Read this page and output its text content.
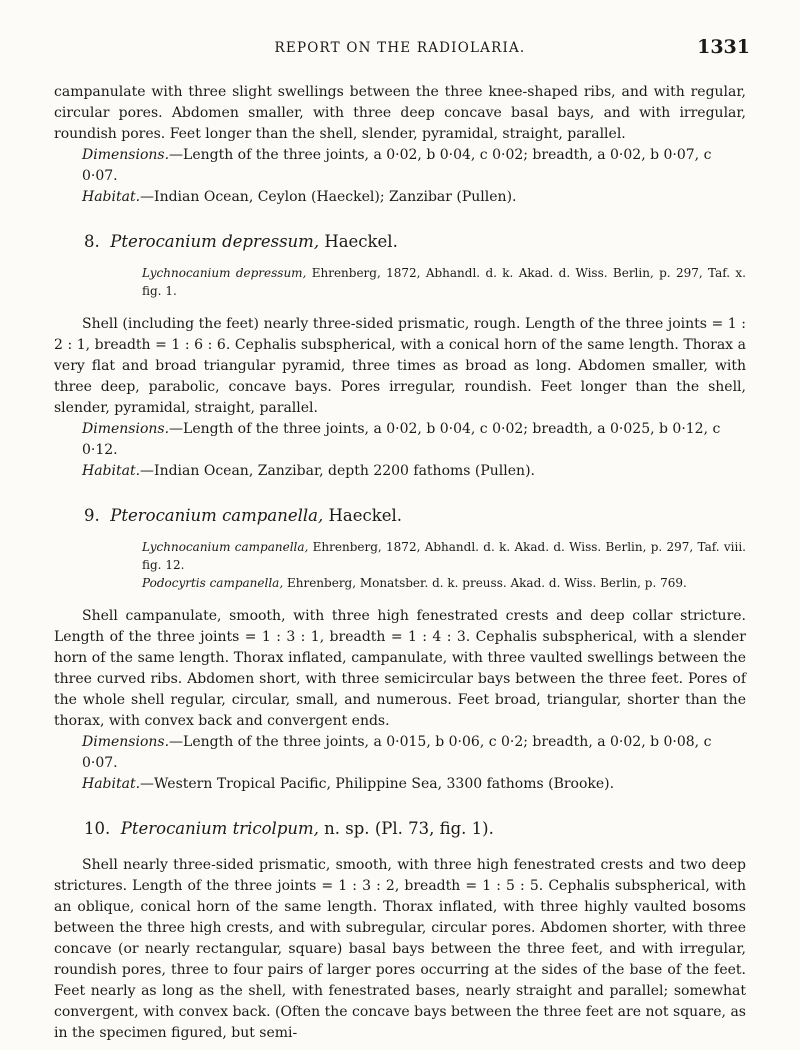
REPORT ON THE RADIOLARIA.	1331

campanulate with three slight swellings between the three knee-shaped ribs, and with regular, circular pores. Abdomen smaller, with three deep concave basal bays, and with irregular, roundish pores. Feet longer than the shell, slender, pyramidal, straight, parallel.

Dimensions.—Length of the three joints, a 0·02, b 0·04, c 0·02; breadth, a 0·02, b 0·07, c 0·07.

Habitat.—Indian Ocean, Ceylon (Haeckel); Zanzibar (Pullen).

8. Pterocanium depressum, Haeckel.

Lychnocanium depressum, Ehrenberg, 1872, Abhandl. d. k. Akad. d. Wiss. Berlin, p. 297, Taf. x. fig. 1.

Shell (including the feet) nearly three-sided prismatic, rough. Length of the three joints = 1 : 2 : 1, breadth = 1 : 6 : 6. Cephalis subspherical, with a conical horn of the same length. Thorax a very flat and broad triangular pyramid, three times as broad as long. Abdomen smaller, with three deep, parabolic, concave bays. Pores irregular, roundish. Feet longer than the shell, slender, pyramidal, straight, parallel.

Dimensions.—Length of the three joints, a 0·02, b 0·04, c 0·02; breadth, a 0·025, b 0·12, c 0·12.

Habitat.—Indian Ocean, Zanzibar, depth 2200 fathoms (Pullen).

9. Pterocanium campanella, Haeckel.

Lychnocanium campanella, Ehrenberg, 1872, Abhandl. d. k. Akad. d. Wiss. Berlin, p. 297, Taf. viii. fig. 12.

Podocyrtis campanella, Ehrenberg, Monatsber. d. k. preuss. Akad. d. Wiss. Berlin, p. 769.

Shell campanulate, smooth, with three high fenestrated crests and deep collar stricture. Length of the three joints = 1 : 3 : 1, breadth = 1 : 4 : 3. Cephalis subspherical, with a slender horn of the same length. Thorax inflated, campanulate, with three vaulted swellings between the three curved ribs. Abdomen short, with three semicircular bays between the three feet. Pores of the whole shell regular, circular, small, and numerous. Feet broad, triangular, shorter than the thorax, with convex back and convergent ends.

Dimensions.—Length of the three joints, a 0·015, b 0·06, c 0·2; breadth, a 0·02, b 0·08, c 0·07.

Habitat.—Western Tropical Pacific, Philippine Sea, 3300 fathoms (Brooke).

10. Pterocanium tricolpum, n. sp. (Pl. 73, fig. 1).

Shell nearly three-sided prismatic, smooth, with three high fenestrated crests and two deep strictures. Length of the three joints = 1 : 3 : 2, breadth = 1 : 5 : 5. Cephalis subspherical, with an oblique, conical horn of the same length. Thorax inflated, with three highly vaulted bosoms between the three high crests, and with subregular, circular pores. Abdomen shorter, with three concave (or nearly rectangular, square) basal bays between the three feet, and with irregular, roundish pores, three to four pairs of larger pores occurring at the sides of the base of the feet. Feet nearly as long as the shell, with fenestrated bases, nearly straight and parallel; somewhat convergent, with convex back. (Often the concave bays between the three feet are not square, as in the specimen figured, but semi-
